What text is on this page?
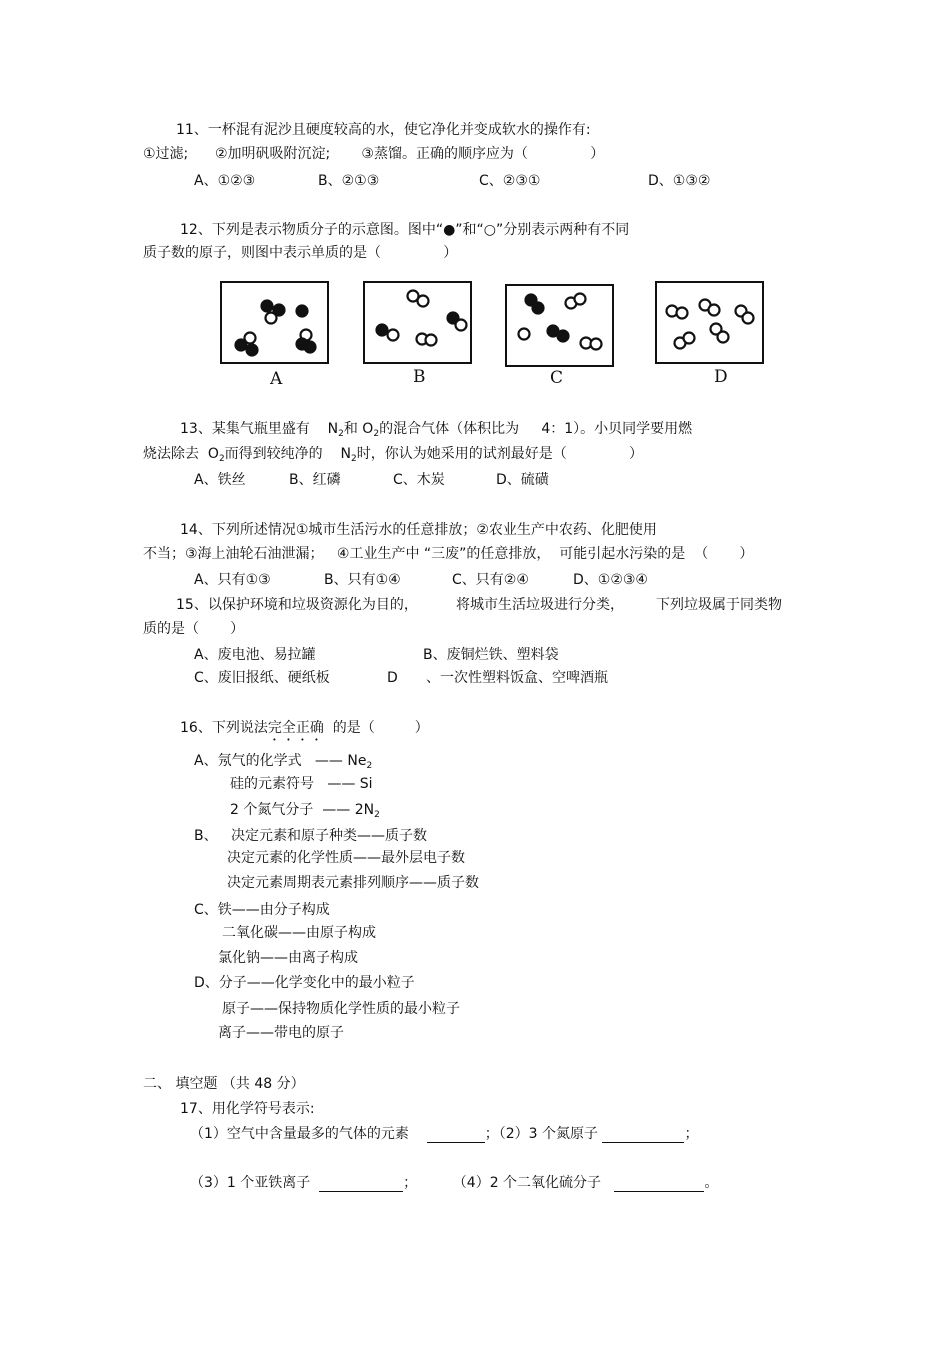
11、一杯混有泥沙且硬度较高的水，使它净化并变成软水的操作有:
①过滤;      ②加明矾吸附沉淀;       ③蒸馏。正确的顺序应为（              ）
A、①②③	B、②①③	C、②③①	D、①③②
12、下列是表示物质分子的示意图。图中“●”和“○”分别表示两种有不同
质子数的原子，则图中表示单质的是（              ）
A	B	C	D
13、某集气瓶里盛有 $N_2$和 $O_2$的混合气体（体积比为 4：1）。小贝同学要用燃
烧法除去 $O_2$而得到较纯净的 $N_2$时，你认为她采用的试剂最好是（              ）
A、铁丝	B、红磷	C、木炭	D、硫磺
14、下列所述情况①城市生活污水的任意排放；②农业生产中农药、化肥使用
不当；③海上油轮石油泄漏；   ④工业生产中 “三废”的任意排放，  可能引起水污染的是  （       ）
A、只有①③	B、只有①④	C、只有②④	D、①②③④
15、以保护环境和垃圾资源化为目的，	将城市生活垃圾进行分类， 下列垃圾属于同类物
质的是（       ）
A、废电池、易拉罐	B、废铜烂铁、塑料袋
C、废旧报纸、硬纸板	D 、一次性塑料饭盒、空啤酒瓶
16、下列说法完全正确 的是（         ）
A、氖气的化学式   —— $Ne_2$
硅的元素符号   —— Si
2 个氮气分子  —— $2N_2$
B、   决定元素和原子种类——质子数
决定元素的化学性质——最外层电子数
决定元素周期表元素排列顺序——质子数
C、铁——由分子构成
二氧化碳——由原子构成
氯化钠——由离子构成
D、分子——化学变化中的最小粒子
原子——保持物质化学性质的最小粒子
离子——带电的原子
二、 填空题 （共 48 分）
17、用化学符号表示:
（1）空气中含量最多的气体的元素	；（2）3 个氮原子	；
（3）1 个亚铁离子	；	（4）2 个二氧化硫分子	。
